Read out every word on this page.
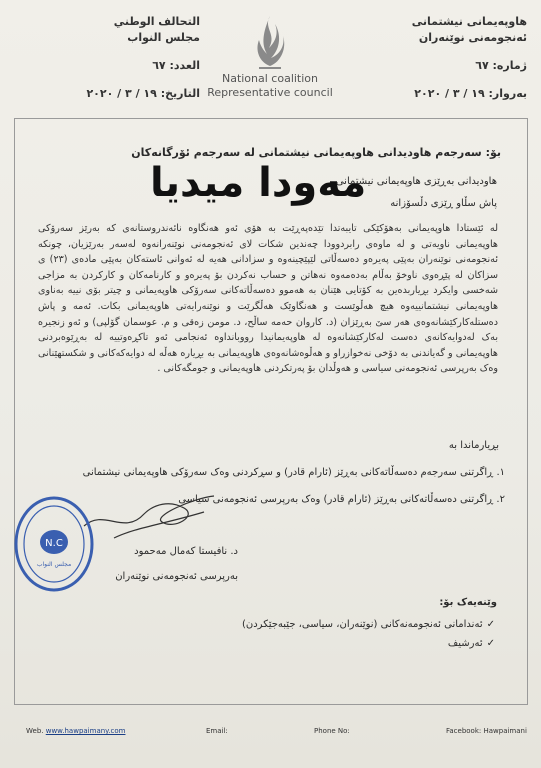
هاوپەیمانی نیشتمانی
ئەنجومەنی نوێنەران
ژمارە: ٦٧
بەروار: ١٩ / ٣ / ٢٠٢٠
National coalition
Representative council
التحالف الوطني
مجلس النواب
العدد: ٦٧
التاريخ: ١٩ / ٣ / ٢٠٢٠
بۆ: سەرجەم هاودیدانی هاوپەیمانی نیشتمانی لە سەرجەم ئۆرگانەکان
مەودا میدیا
هاودیدانی بەڕێزی هاوپەیمانی نیشتمانی
پاش سڵاو ڕێزی دڵسۆزانە
لە ئێستادا هاوپەیمانی بەهۆکێکی تایبەتدا تێدەپەڕێت بە هۆی ئەو هەنگاوە نائەندروستانەی کە بەرێز سەرۆکی هاوپەیمانی ناویەتی و لە ماوەی رابردوودا چەندین شکات لای ئەنجومەنی نوێنەرانەوە لەسەر بەرێزیان، چونکە ئەنجومەنی نوێنەران بەپێی پەیرەو دەسەڵاتی لێپێچینەوە و سزادانی هەیە لە ئەوانی ئاستەکان بەپێی مادەی (٢٣) ی سزاکان لە پێڕەوی ناوخۆ بەڵام بەدەمەوە نەهاتن و حساب نەکردن بۆ پەیرەو و کارنامەکان و کارکردن بە مزاجی شەخسی وایکرد بڕیاربدەین بە کۆتایی هێنان بە هەموو دەسەڵاتەکانی سەرۆکی هاوپەیمانی و چیتر بۆی نییە بەناوی هاوپەیمانی نیشتمانییەوە هیچ هەڵوێست و هەنگاوێک هەڵگرێت و نوێنەرایەتی هاوپەیمانی بکات. ئەمە و پاش دەستلەکارکێشانەوەی هەر سێ بەڕێزان (د. کاروان حەمە ساڵح، د. مومن زەقی و م. عوسمان گۆلپی) و ئەو زنجیرە بەک لەدوایەکانەی دەست لەکارکێشانەوە لە هاوپەیمانیدا رووبانداوە ئەنجامی ئەو تاکڕەوتییە لە بەڕێوەبردنی هاوپەیمانی و گەیاندنی بە دۆخی نەخوازراو و هەڵوەشانەوەی هاوپەیمانی بە بڕیارە هەڵە لە دوایەکەکانی و شکستهێنانی وەک بەرپرسی ئەنجومەنی سیاسی و هەوڵدان بۆ پەرتکردنی هاوپەیمانی و جومگەکانی .
بڕیارماندا بە
١. ڕاگرتنی سەرجەم دەسەڵاتەکانی بەڕێز (ئارام قادر) و سڕکردنی وەک سەرۆکی هاوپەیمانی نیشتمانی
٢. ڕاگرتنی دەسەڵاتەکانی بەڕێز (ئارام قادر) وەک بەرپرسی ئەنجومەنی سیاسی
د. نافیستا کەمال مەحمود
بەرپرسی ئەنجومەنی نوێنەران
N.C
مجلس النواب
وێنەیەک بۆ:
✓ئەندامانی ئەنجومەنەکانی (نوێنەران، سیاسی، جێبەجێکردن)
✓ئەرشیف
Web. www.hawpaimany.com	Email:	Phone No:	Facebook: Hawpaimani
